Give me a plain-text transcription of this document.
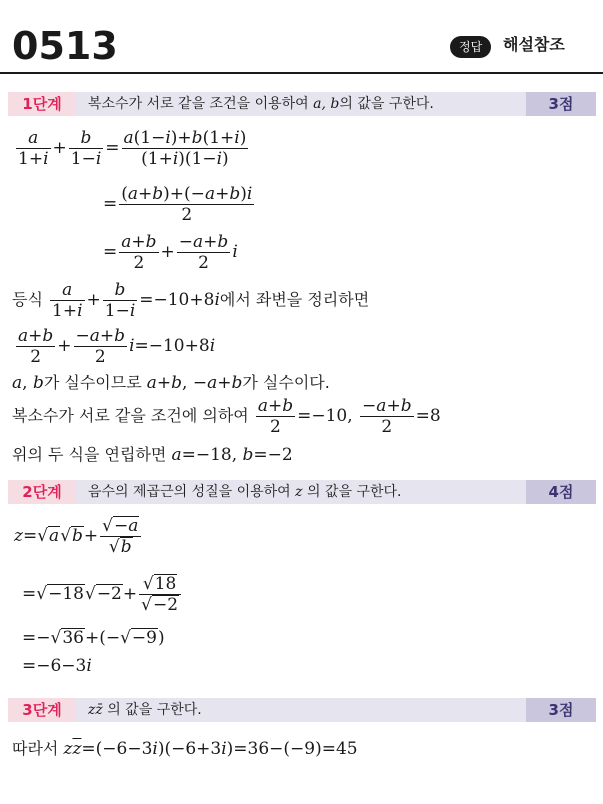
0513	정답	해설참조
1단계	복소수가 서로 같을 조건을 이용하여 a, b의 값을 구한다.	3점
$\frac{a}{1+i} + \frac{b}{1-i} = \frac{a(1-i)+b(1+i)}{(1+i)(1-i)}$
= $\frac{(a+b)+(-a+b)i}{2}$
= $\frac{a+b}{2} + \frac{-a+b}{2}$ i
등식 $\frac{a}{1+i} + \frac{b}{1-i} =-10+8i$에서 좌변을 정리하면
$\frac{a+b}{2} + \frac{-a+b}{2} i=-10+8i$
a, b가 실수이므로 a+b, −a+b가 실수이다.
복소수가 서로 같을 조건에 의하여 $\frac{a+b}{2} =-10$, $\frac{-a+b}{2} =8$
위의 두 식을 연립하면 a=−18, b=−2
2단계	음수의 제곱근의 성질을 이용하여 z 의 값을 구한다.	4점
$z=√a√b+ \frac{√-a}{√b}$
$=√-18√-2+ \frac{√18}{√-2}$
=−√36+(−√−9)
=−6−3i
3단계	zz̄ 의 값을 구한다.	3점
따라서 $z\overline{z}=(-6-3i)(-6+3i)=36-(-9)=45$
